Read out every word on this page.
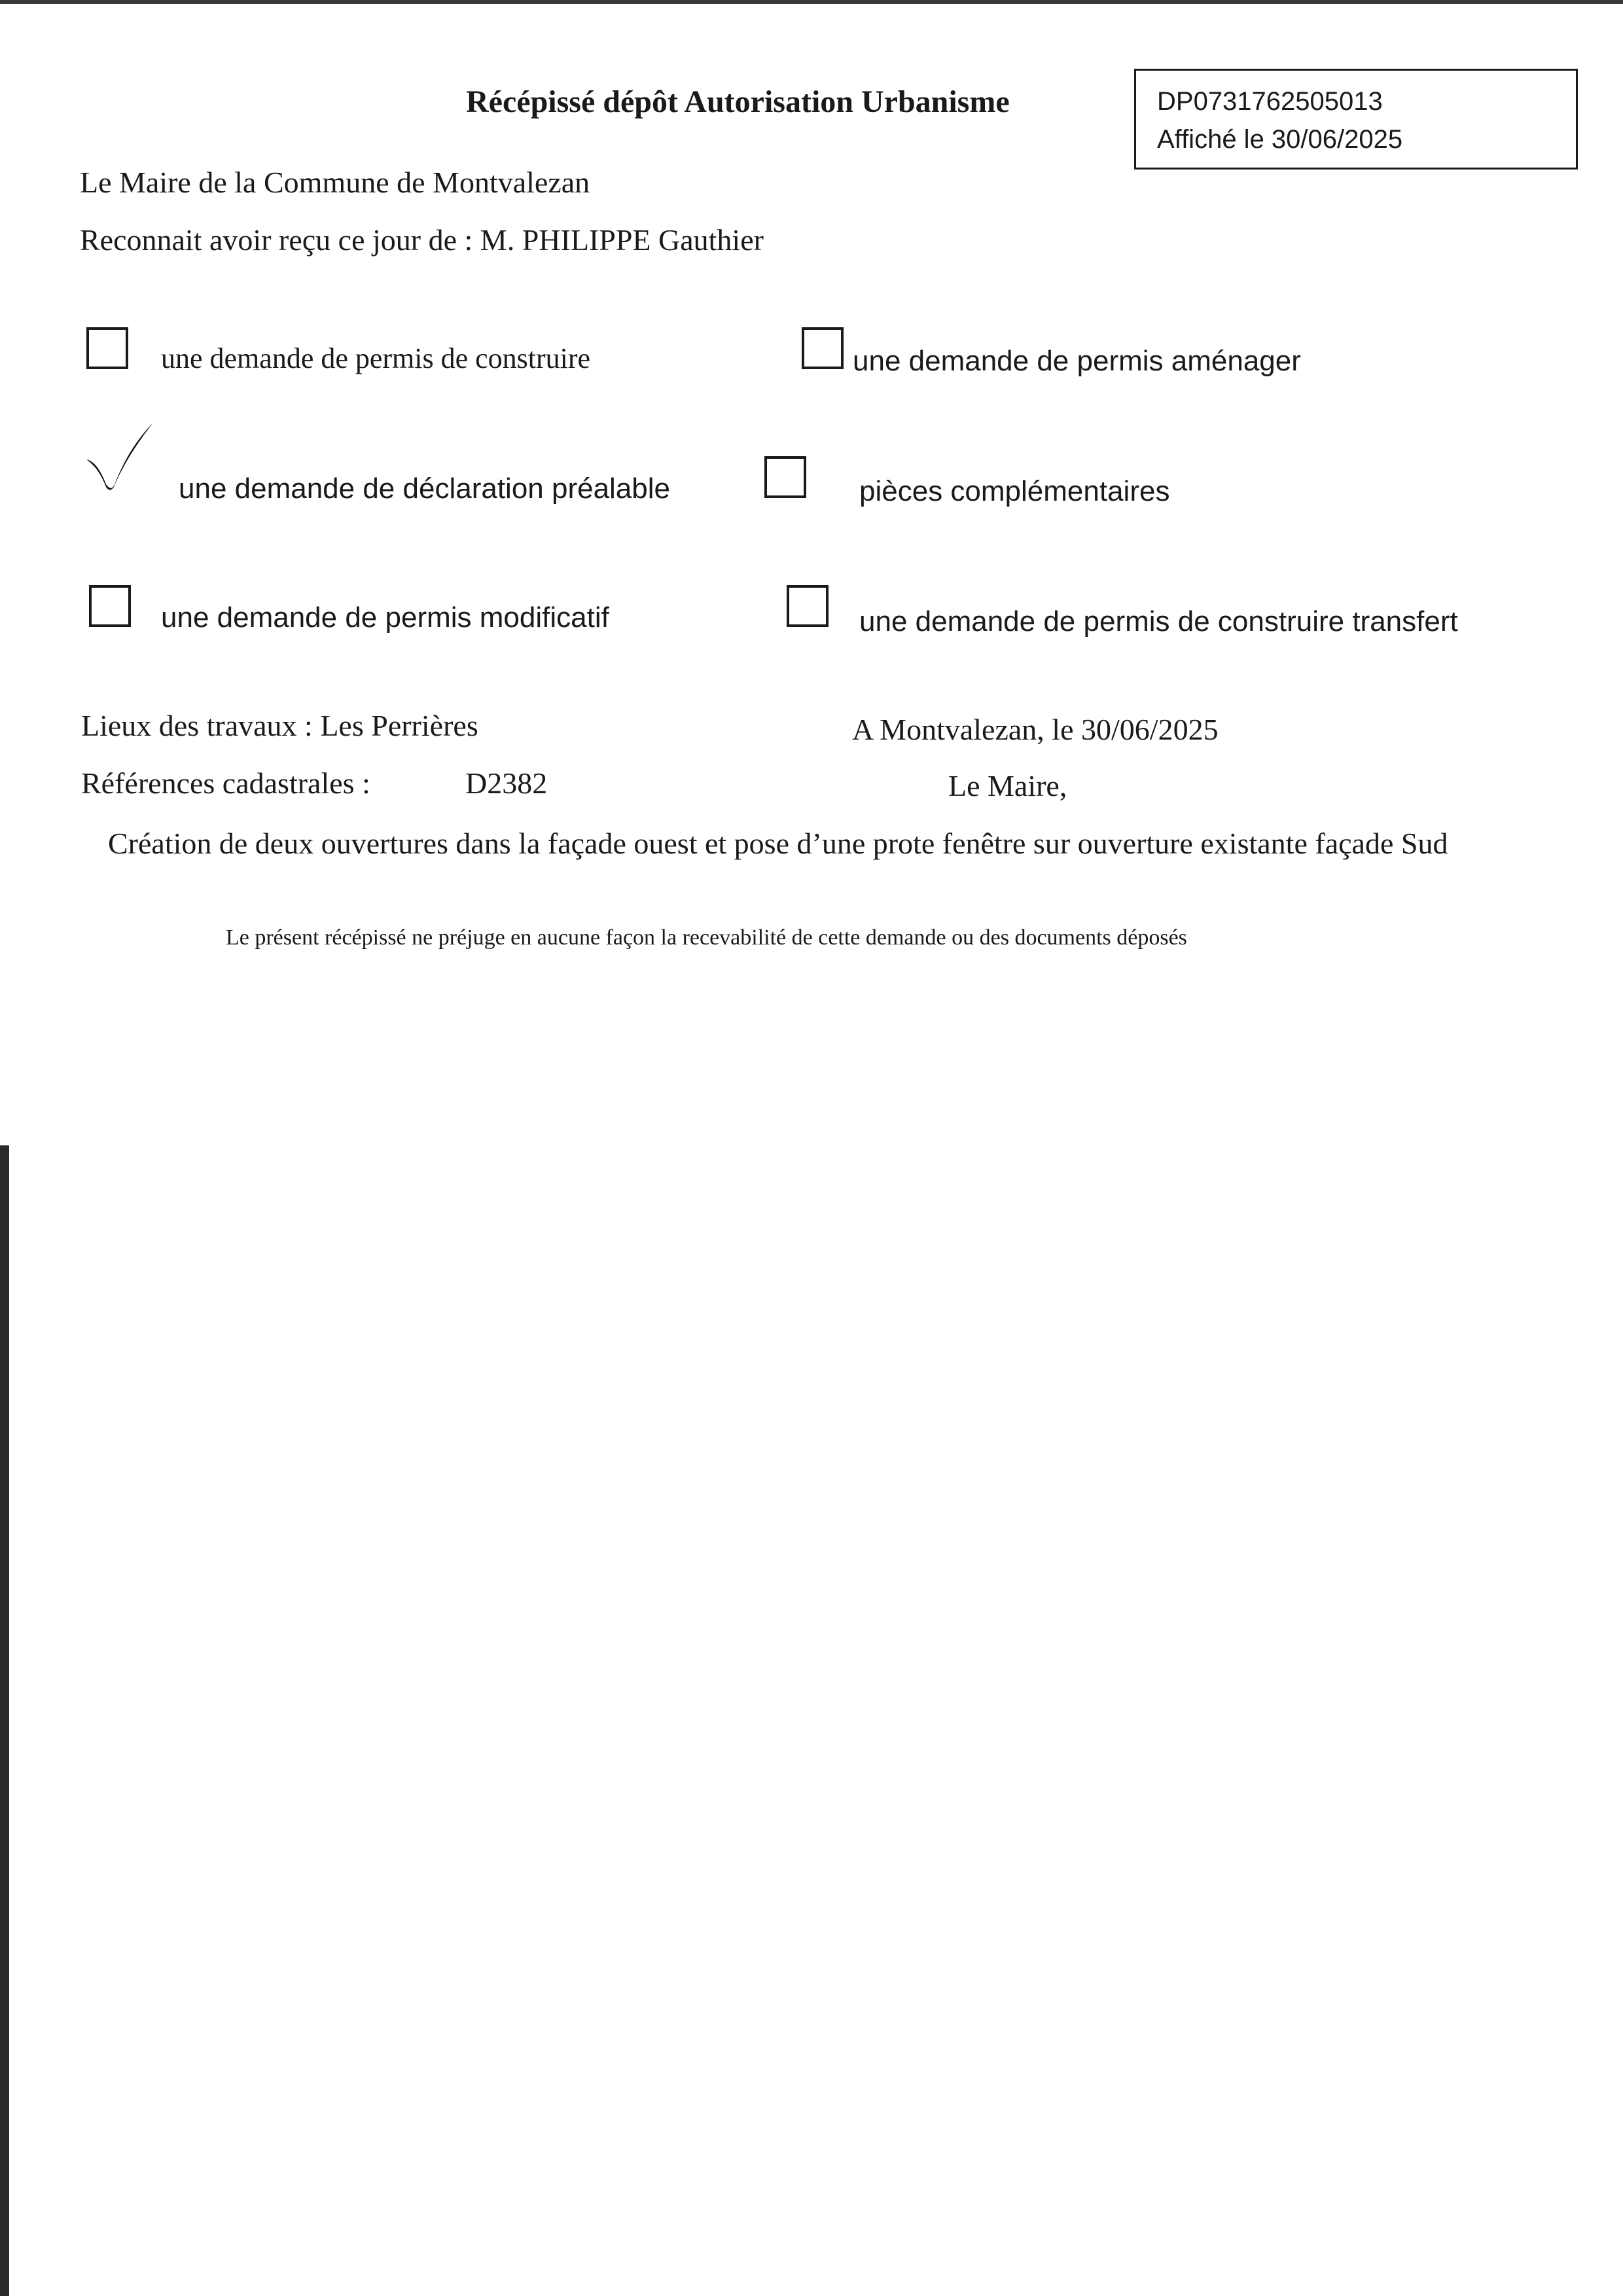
Récépissé dépôt Autorisation Urbanisme	DP0731762505013
Affiché le 30/06/2025
Le Maire de la Commune de Montvalezan
Reconnait avoir reçu ce jour de : M. PHILIPPE Gauthier
une demande de permis de construire	une demande de permis aménager
une demande de déclaration préalable	pièces complémentaires
une demande de permis modificatif	une demande de permis de construire transfert
Lieux des travaux : Les Perrières	A Montvalezan, le 30/06/2025
Références cadastrales :	D2382	Le Maire,
Création de deux ouvertures dans la façade ouest et pose d’une prote fenêtre sur ouverture existante façade Sud
Le présent récépissé ne préjuge en aucune façon la recevabilité de cette demande ou des documents déposés
